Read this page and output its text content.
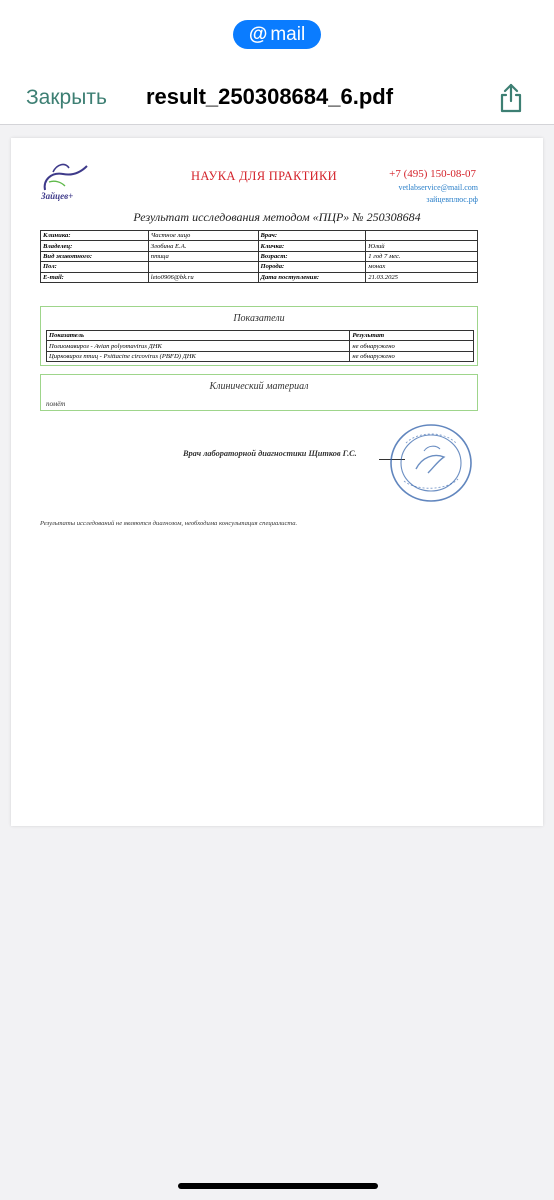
@ mail
Закрыть result_250308684_6.pdf
Зайцев+
НАУКА ДЛЯ ПРАКТИКИ	+7 (495) 150-08-07
vetlabservice@mail.com
зайцевплюс.рф
Результат исследования методом «ПЦР» № 250308684
Клиника:	Частное лицо	Врач:	
Владелец:	Злобина Е.А.	Кличка:	Юлий
Вид животного:	птица	Возраст:	1 год 7 мес.
Пол:		Порода:	монах
E-mail:	leto0906@bk.ru	Дата поступления:	21.03.2025
Показатели
Показатель	Результат
Полиомавироз - Avian polyomavirus ДНК	не обнаружено
Цирковироз птиц - Psittacine circovirus (PBFD) ДНК	не обнаружено
Клинический материал
помёт
Врач лабораторной диагностики Щитков Г.С.
Результаты исследований не являются диагнозом, необходима консультация специалиста.
